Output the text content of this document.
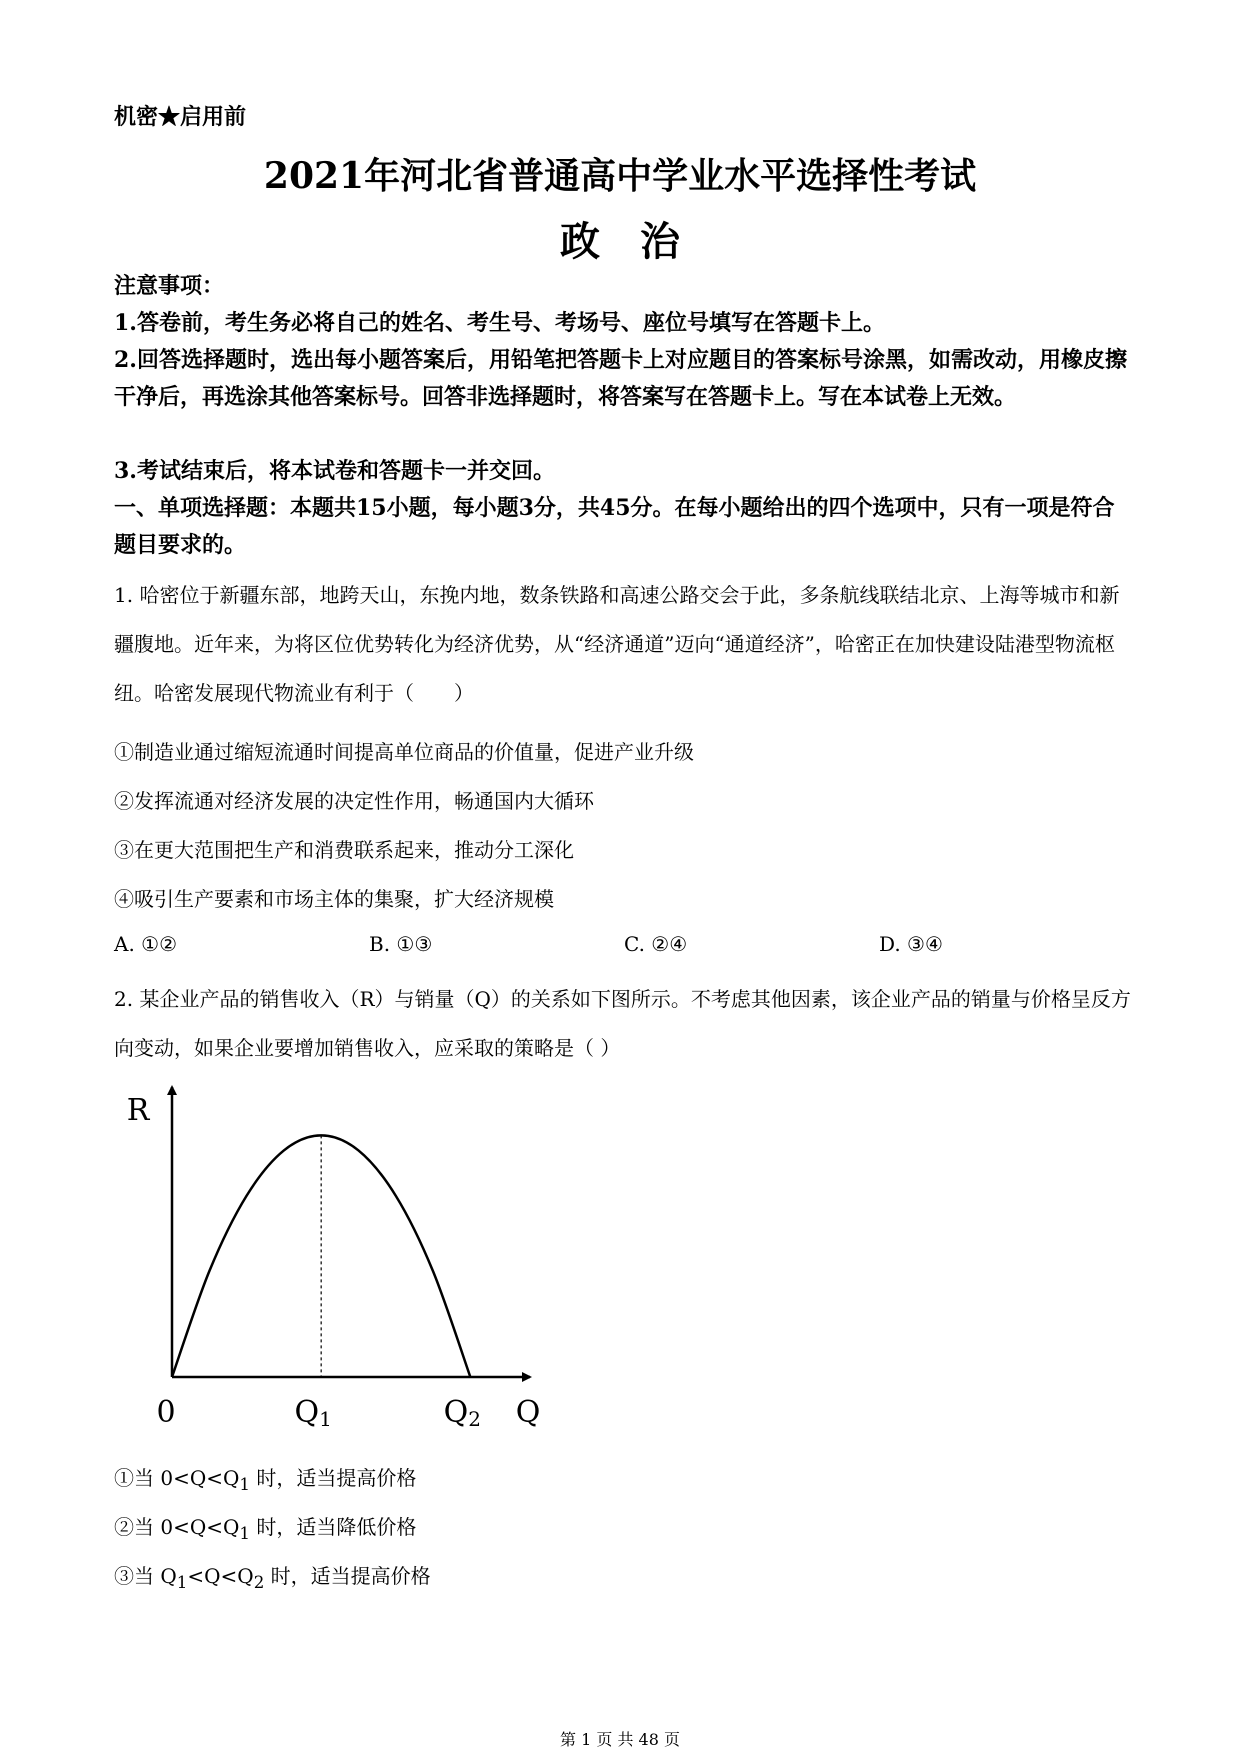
机密★启用前
2021年河北省普通高中学业水平选择性考试
政治
注意事项：
1.答卷前，考生务必将自己的姓名、考生号、考场号、座位号填写在答题卡上。
2.回答选择题时，选出每小题答案后，用铅笔把答题卡上对应题目的答案标号涂黑，如需改动，用橡皮擦干净后，再选涂其他答案标号。回答非选择题时，将答案写在答题卡上。写在本试卷上无效。
3.考试结束后，将本试卷和答题卡一并交回。
一、单项选择题：本题共15小题，每小题3分，共45分。在每小题给出的四个选项中，只有一项是符合题目要求的。
1. 哈密位于新疆东部，地跨天山，东挽内地，数条铁路和高速公路交会于此，多条航线联结北京、上海等城市和新疆腹地。近年来，为将区位优势转化为经济优势，从“经济通道”迈向“通道经济”，哈密正在加快建设陆港型物流枢纽。哈密发展现代物流业有利于（　　）
①制造业通过缩短流通时间提高单位商品的价值量，促进产业升级
②发挥流通对经济发展的决定性作用，畅通国内大循环
③在更大范围把生产和消费联系起来，推动分工深化
④吸引生产要素和市场主体的集聚，扩大经济规模
A. ①②	B. ①③	C. ②④	D. ③④
2. 某企业产品的销售收入（R）与销量（Q）的关系如下图所示。不考虑其他因素，该企业产品的销量与价格呈反方向变动，如果企业要增加销售收入，应采取的策略是（ ）
R
0	Q
Q1	Q2
①当 $0<Q<Q_1$ 时，适当提高价格
②当 $0<Q<Q_1$ 时，适当降低价格
③当 $Q_1<Q<Q_2$ 时，适当提高价格
第 1 页 共 48 页
